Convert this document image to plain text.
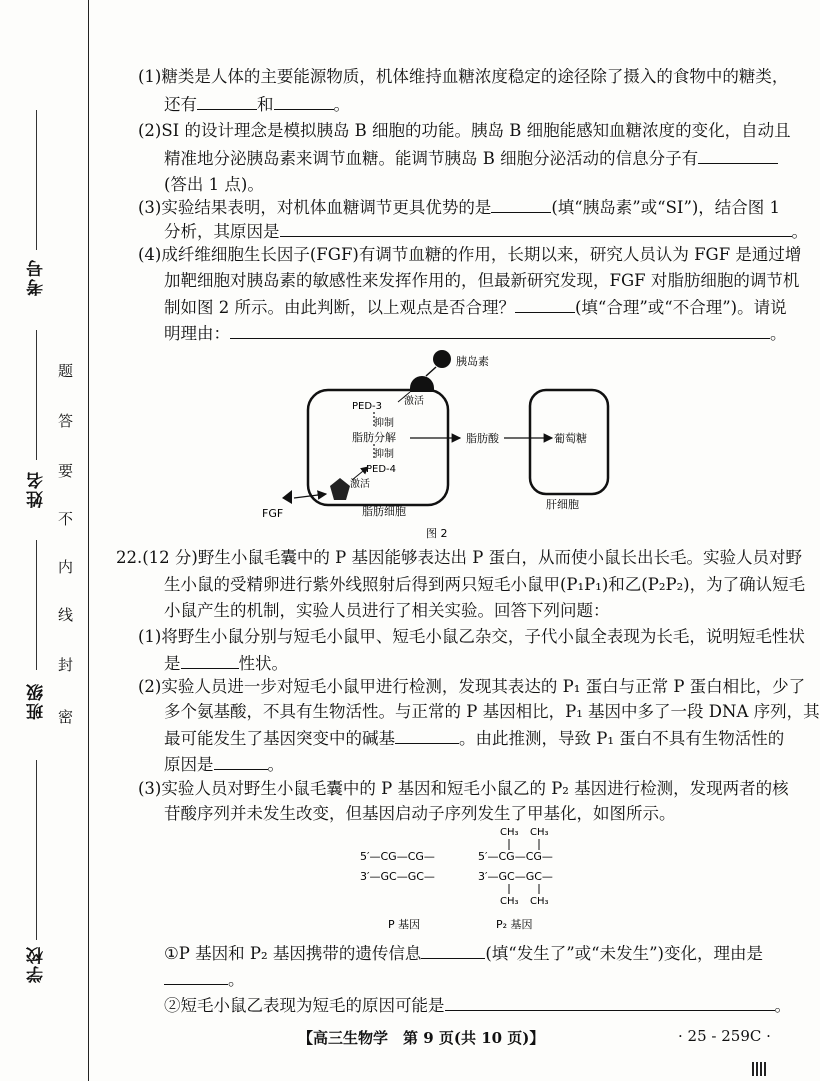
考号
姓名
班级
学校
题
答
要
不
内
线
封
密
(1)糖类是人体的主要能源物质，机体维持血糖浓度稳定的途径除了摄入的食物中的糖类，
还有	和	。
(2)SI 的设计理念是模拟胰岛 B 细胞的功能。胰岛 B 细胞能感知血糖浓度的变化，自动且
精准地分泌胰岛素来调节血糖。能调节胰岛 B 细胞分泌活动的信息分子有
(答出 1 点)。
(3)实验结果表明，对机体血糖调节更具优势的是	(填“胰岛素”或“SI”)，结合图 1
分析，其原因是	。
(4)成纤维细胞生长因子(FGF)有调节血糖的作用，长期以来，研究人员认为 FGF 是通过增
加靶细胞对胰岛素的敏感性来发挥作用的，但最新研究发现，FGF 对脂肪细胞的调节机
制如图 2 所示。由此判断，以上观点是否合理？	(填“合理”或“不合理”)。请说
明理由：	。
胰岛素
PED-3 激活
抑制
脂肪分解
抑制
PED-4
激活
FGF	脂肪细胞
脂肪酸	葡萄糖
肝细胞
图 2
22.(12 分)野生小鼠毛囊中的 P 基因能够表达出 P 蛋白，从而使小鼠长出长毛。实验人员对野
生小鼠的受精卵进行紫外线照射后得到两只短毛小鼠甲(P₁P₁)和乙(P₂P₂)，为了确认短毛
小鼠产生的机制，实验人员进行了相关实验。回答下列问题：
(1)将野生小鼠分别与短毛小鼠甲、短毛小鼠乙杂交，子代小鼠全表现为长毛，说明短毛性状
是	性状。
(2)实验人员进一步对短毛小鼠甲进行检测，发现其表达的 P₁ 蛋白与正常 P 蛋白相比，少了
多个氨基酸，不具有生物活性。与正常的 P 基因相比，P₁ 基因中多了一段 DNA 序列，其
最可能发生了基因突变中的碱基	。由此推测，导致 P₁ 蛋白不具有生物活性的
原因是	。
(3)实验人员对野生小鼠毛囊中的 P 基因和短毛小鼠乙的 P₂ 基因进行检测，发现两者的核
苷酸序列并未发生改变，但基因启动子序列发生了甲基化，如图所示。
5′—CG—CG—
3′—GC—GC—
CH₃ CH₃
5′—CG—CG—
3′—GC—GC—
CH₃ CH₃
P 基因	P₂ 基因
①P 基因和 P₂ 基因携带的遗传信息	(填“发生了”或“未发生”)变化，理由是
。
②短毛小鼠乙表现为短毛的原因可能是	。
【高三生物学　第 9 页(共 10 页)】	· 25 - 259C ·
